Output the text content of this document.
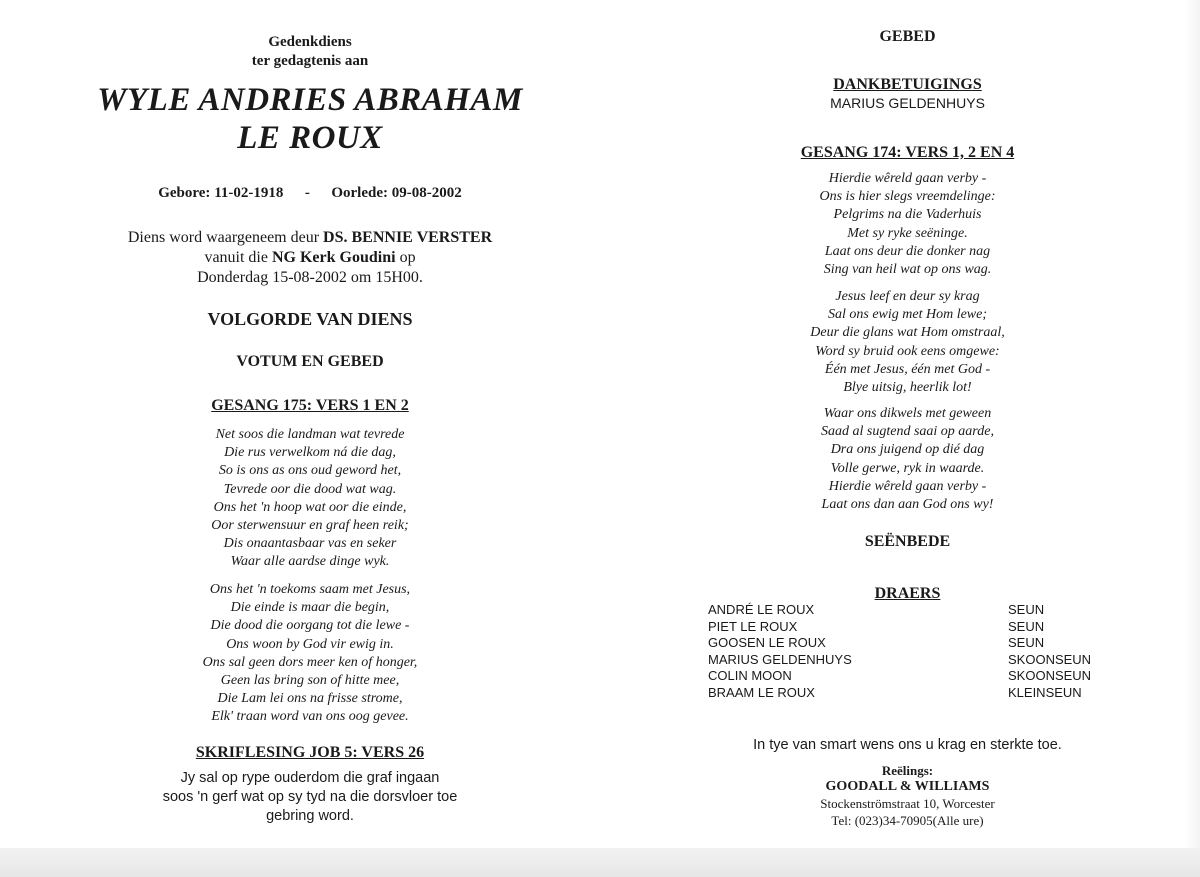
Gedenkdiens
ter gedagtenis aan
WYLE ANDRIES ABRAHAM
LE ROUX
Gebore: 11-02-1918 - Oorlede: 09-08-2002
Diens word waargeneem deur DS. BENNIE VERSTER
vanuit die NG Kerk Goudini op
Donderdag 15-08-2002 om 15H00.
VOLGORDE VAN DIENS
VOTUM EN GEBED
GESANG 175: VERS 1 EN 2
Net soos die landman wat tevrede
Die rus verwelkom ná die dag,
So is ons as ons oud geword het,
Tevrede oor die dood wat wag.
Ons het 'n hoop wat oor die einde,
Oor sterwensuur en graf heen reik;
Dis onaantasbaar vas en seker
Waar alle aardse dinge wyk.
Ons het 'n toekoms saam met Jesus,
Die einde is maar die begin,
Die dood die oorgang tot die lewe -
Ons woon by God vir ewig in.
Ons sal geen dors meer ken of honger,
Geen las bring son of hitte mee,
Die Lam lei ons na frisse strome,
Elk' traan word van ons oog gevee.
SKRIFLESING JOB 5: VERS 26
Jy sal op rype ouderdom die graf ingaan
soos 'n gerf wat op sy tyd na die dorsvloer toe
gebring word.
GEBED
DANKBETUIGINGS
MARIUS GELDENHUYS
GESANG 174: VERS 1, 2 EN 4
Hierdie wêreld gaan verby -
Ons is hier slegs vreemdelinge:
Pelgrims na die Vaderhuis
Met sy ryke seëninge.
Laat ons deur die donker nag
Sing van heil wat op ons wag.
Jesus leef en deur sy krag
Sal ons ewig met Hom lewe;
Deur die glans wat Hom omstraal,
Word sy bruid ook eens omgewe:
Één met Jesus, één met God -
Blye uitsig, heerlik lot!
Waar ons dikwels met geween
Saad al sugtend saai op aarde,
Dra ons juigend op dié dag
Volle gerwe, ryk in waarde.
Hierdie wêreld gaan verby -
Laat ons dan aan God ons wy!
SEËNBEDE
DRAERS
ANDRÉ LE ROUX	SEUN
PIET LE ROUX	SEUN
GOOSEN LE ROUX	SEUN
MARIUS GELDENHUYS	SKOONSEUN
COLIN MOON	SKOONSEUN
BRAAM LE ROUX	KLEINSEUN
In tye van smart wens ons u krag en sterkte toe.
Reëlings:
GOODALL & WILLIAMS
Stockenströmstraat 10, Worcester
Tel: (023)34-70905(Alle ure)
